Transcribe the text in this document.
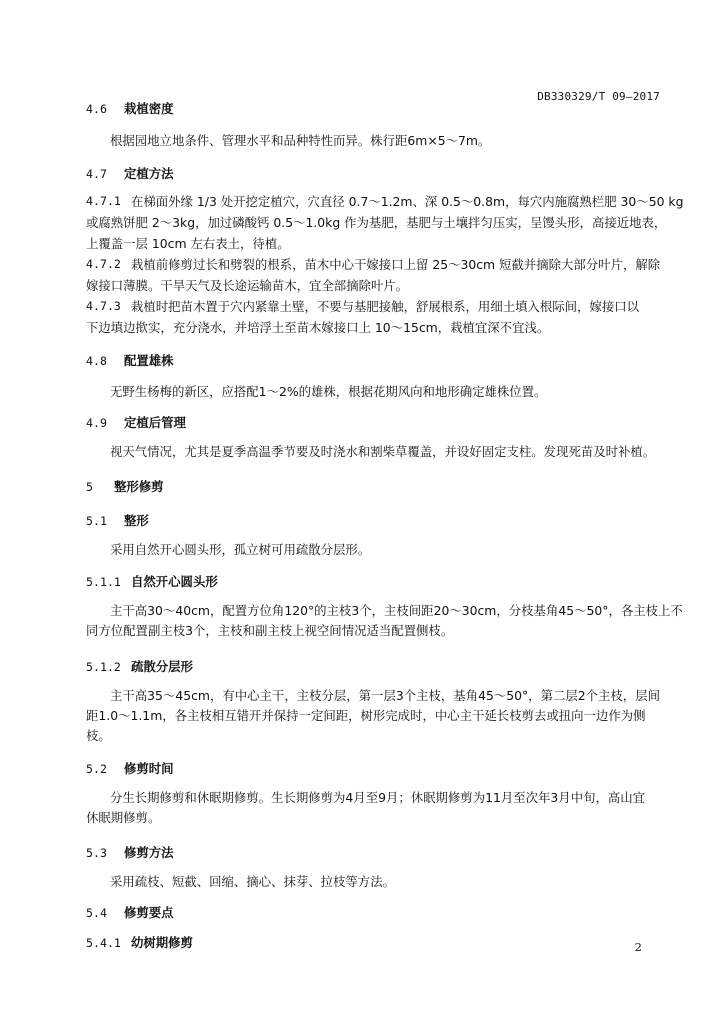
DB330329/T 09—2017
4.6	栽植密度
根据园地立地条件、管理水平和品种特性而异。株行距6m×5～7m。
4.7	定植方法
4.7.1 在梯面外缘 1/3 处开挖定植穴，穴直径 0.7～1.2m、深 0.5～0.8m，每穴内施腐熟栏肥 30～50 kg
或腐熟饼肥 2～3kg，加过磷酸钙 0.5～1.0kg 作为基肥，基肥与土壤拌匀压实，呈馒头形，高接近地表，
上覆盖一层 10cm 左右表土，待植。
4.7.2 栽植前修剪过长和劈裂的根系，苗木中心干嫁接口上留 25～30cm 短截并摘除大部分叶片，解除
嫁接口薄膜。干旱天气及长途运输苗木，宜全部摘除叶片。
4.7.3 栽植时把苗木置于穴内紧靠土壁，不要与基肥接触，舒展根系，用细土填入根际间，嫁接口以
下边填边揿实，充分浇水，并培浮土至苗木嫁接口上 10～15cm，栽植宜深不宜浅。
4.8	配置雄株
无野生杨梅的新区，应搭配1～2%的雄株，根据花期风向和地形确定雄株位置。
4.9	定植后管理
视天气情况，尤其是夏季高温季节要及时浇水和割柴草覆盖，并设好固定支柱。发现死苗及时补植。
5	整形修剪
5.1	整形
采用自然开心圆头形，孤立树可用疏散分层形。
5.1.1 自然开心圆头形
主干高30～40cm，配置方位角120°的主枝3个，主枝间距20～30cm，分枝基角45～50°，各主枝上不
同方位配置副主枝3个，主枝和副主枝上视空间情况适当配置侧枝。
5.1.2 疏散分层形
主干高35～45cm，有中心主干，主枝分层，第一层3个主枝，基角45～50°，第二层2个主枝，层间
距1.0～1.1m，各主枝相互错开并保持一定间距，树形完成时，中心主干延长枝剪去或扭向一边作为侧
枝。
5.2	修剪时间
分生长期修剪和休眠期修剪。生长期修剪为4月至9月；休眠期修剪为11月至次年3月中旬，高山宜
休眠期修剪。
5.3	修剪方法
采用疏枝、短截、回缩、摘心、抹芽、拉枝等方法。
5.4	修剪要点
5.4.1 幼树期修剪	2
